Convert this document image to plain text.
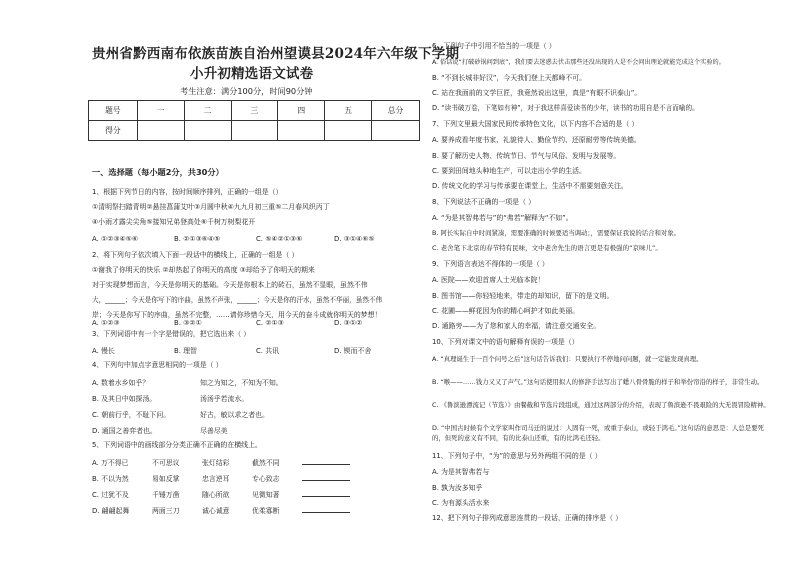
贵州省黔西南布依族苗族自治州望谟县2024年六年级下学期
小升初精选语文试卷
考生注意：满分100分，时间90分钟
题号	一	二	三	四	五	总分
得分						
一、选择题（每小题2分，共30分）
1、根据下列节日的内容，按时间顺序排列，正确的一组是（）
①清明祭扫踏青明②悬挂菖蒲艾叶③月圆中秋④九九月初三重⑤二月春风织丙丁
④小雨才露尖尖角⑤接知兄弟登高处⑥千树万树梨花开
A. ①②③④⑤⑥	B. ②①③⑥④⑤	C. ⑤④②①③⑥	D. ③①④⑥⑤
2、将下列句子依次填入下面一段话中的横线上，正确的一组是（ ）
①谢我了你明天的快乐 ②却热起了你明天的高度 ③却给予了你明天的期来
对于实现梦想而言，今天是你明天的基础。今天是你根本上的砖石，虽然不显眼，虽然不伟
大，______；今天是你写下的序曲，虽然不声张，______；今天是你的汗水，虽然不华丽，虽然不伟
岸；今天是你写下的序曲，虽然不完整，……请你珍惜今天，用今天的奋斗成就你明天的梦想！
A. ①②③	B. ③②①	C. ②①③	D. ③①②
3、下列词语中有一个字是错误的，把它选出来（ ）
A. 慢长	B. 理智	C. 共讯	D. 锲而不舍
4、下列句中加点字意思相同的一项是（ ）
A. 数着水乡如乎？	知之为知之，不知为不知。
B. 及其日中如探汤。	汤汤乎若流水。
C. 朝前行乎，不耻下问。	好古，敏以求之者也。
D. 通国之善弈者也。	尽善尽美
5、下列词语中的画线部分分类正确不正确的在横线上。
A. 万不得已	不可思议	张灯结彩	截然不同
B. 不以为然	易如反掌	忠言逆耳	专心致志
C. 过犹不及	千锤万凿	随心所欲	见微知著
D. 翩翩起舞	两面三刀	诚心诚意	优柔寡断
6、下列句子中引用不恰当的一项是（ ）
A. 俗话说“打破砂锅问到底”，我们要去迷惑去伏击那些还没出现的人是不会问出理论就能完成这个实验的。
B. “不到长城非好汉”，今天我们登上天都峰不可。
C. 站在我面前的文学巨匠，我竟然说出这里，真是“有眼不识泰山”。
D. “读书破万卷，下笔如有神”，对于我这样喜爱读书的少年，读书的功用自是不言而喻的。
7、下列文里最大国家民间传承特色文化，以下内容不合适的是（ ）
A. 要养成看年度书家、礼貌待人、勤俭节约、还原耐劳等传统美德。
B. 要了解历史人物、传统节日、节气与风俗、发明与发展等。
C. 要到田间地头种地生产，可以走出小学的生活。
D. 传统文化的学习与传承要在课堂上，生活中不需要刻意关注。
8、下列说法不正确的一项是（ ）
A. “为是其智弗若与”的“弗若”解释为“不如”。
B. 阿长实际自中时间紧凑，需要准确的时候要适当调动；，需要保证我说的话合和对象。
C. 老舍笔下北京的春节特有民味，文中老舍先生的语言更是有极强的“京味儿”。
9、下列语言表达不得体的一项是（ ）
A. 医院——欢迎首席人士光临本院！
B. 图书馆——你轻轻地来，带走的却知识，留下的是文明。
C. 花圃——鲜花因为你的精心呵护才如此美丽。
D. 通路旁——为了您和家人的幸福，请注意交通安全。
10、下列对课文中的语句解释有误的一项是（）
A. “真理诞生于一百个问号之后”这句话告诉我们：只要执行不停地问问题，就一定能发现真理。
B. “喉——……钱力又又了声气。”这句话使用拟人的修辞手法写出了蟋八骨骨脆的样子和举份帘沿的样子，非常生动。
C. 《鲁滨逊漂流记（节选）》由餐截和节选片段组成，通过这两部分的介绍，表现了鲁滨逊不畏艰险的大无畏冒险精神。
D. “中国古时候有个文学家叫作司马迁的说过：人固有一死，或重于泰山，或轻于鸿毛。”这句话的意思是：人总是要死的，但死的意义有不同，有的比泰山还重，有的比鸿毛还轻。
11、下列句子中，“为”的意思与另外两组不同的是（ ）
A. 为是其智弗若与
B. 孰为汝多知乎
C. 为有源头活水来
12、把下列句子排列成意思连贯的一段话，正确的排序是（ ）
